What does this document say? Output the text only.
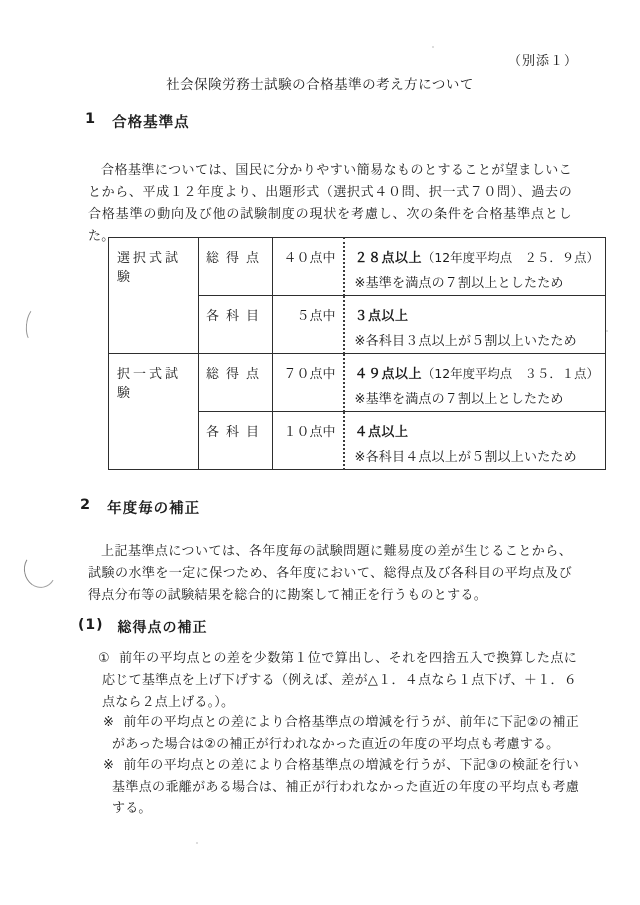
（別添１）
社会保険労務士試験の合格基準の考え方について
1 合格基準点

合格基準については、国民に分かりやすい簡易なものとすることが望ましいことから、平成１２年度より、出題形式（選択式４０問、択一式７０問）、過去の合格基準の動向及び他の試験制度の現状を考慮し、次の条件を合格基準点とした。

選択式試験	総得点	４０点中	２８点以上（12年度平均点　２５．９点）
※基準を満点の７割以上としたため

	各科目	５点中	３点以上
※各科目３点以上が５割以上いたため

択一式試験	総得点	７０点中	４９点以上（12年度平均点　３５．１点）
※基準を満点の７割以上としたため

	各科目	１０点中	４点以上
※各科目４点以上が５割以上いたため
2 年度毎の補正

上記基準点については、各年度毎の試験問題に難易度の差が生じることから、試験の水準を一定に保つため、各年度において、総得点及び各科目の平均点及び得点分布等の試験結果を総合的に勘案して補正を行うものとする。

(1) 総得点の補正
① 前年の平均点との差を少数第１位で算出し、それを四捨五入で換算した点に応じて基準点を上げ下げする（例えば、差が△１．４点なら１点下げ、＋１．６点なら２点上げる。）。
※ 前年の平均点との差により合格基準点の増減を行うが、前年に下記②の補正があった場合は②の補正が行われなかった直近の年度の平均点も考慮する。
※ 前年の平均点との差により合格基準点の増減を行うが、下記③の検証を行い基準点の乖離がある場合は、補正が行われなかった直近の年度の平均点も考慮する。
